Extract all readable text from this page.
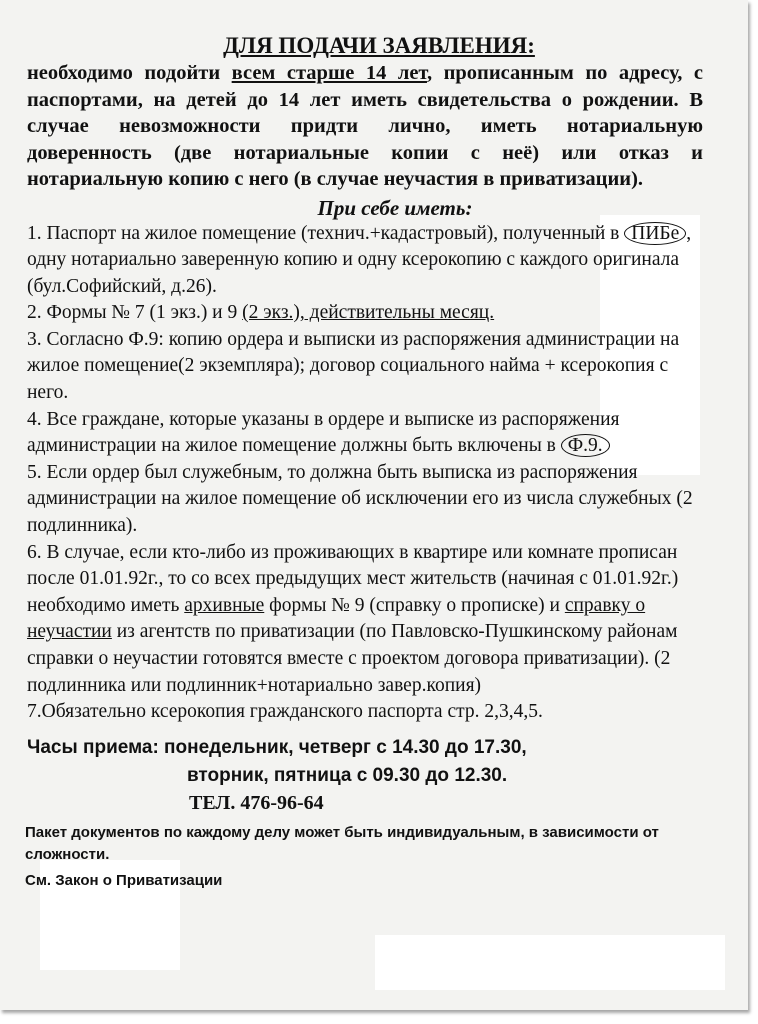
ДЛЯ ПОДАЧИ ЗАЯВЛЕНИЯ:

необходимо подойти всем старше 14 лет, прописанным по адресу, с паспортами, на детей до 14 лет иметь свидетельства о рождении. В случае невозможности придти лично, иметь нотариальную доверенность (две нотариальные копии с неё) или отказ и нотариальную копию с него (в случае неучастия в приватизации).

При себе иметь:

1. Паспорт на жилое помещение (технич.+кадастровый), полученный в ПИБе , одну нотариально заверенную копию и одну ксерокопию с каждого оригинала (бул.Софийский, д.26).

2. Формы № 7 (1 экз.) и 9 (2 экз.), действительны месяц.

3. Согласно Ф.9: копию ордера и выписки из распоряжения администрации на жилое помещение(2 экземпляра); договор социального найма + ксерокопия с него.

4. Все граждане, которые указаны в ордере и выписке из распоряжения администрации на жилое помещение должны быть включены в Ф.9.

5. Если ордер был служебным, то должна быть выписка из распоряжения администрации на жилое помещение об исключении его из числа служебных (2 подлинника).

6. В случае, если кто-либо из проживающих в квартире или комнате прописан после 01.01.92г., то со всех предыдущих мест жительств (начиная с 01.01.92г.) необходимо иметь архивные формы № 9 (справку о прописке) и справку о неучастии из агентств по приватизации (по Павловско-Пушкинскому районам справки о неучастии готовятся вместе с проектом договора приватизации). (2 подлинника или подлинник+нотариально завер.копия)

7.Обязательно ксерокопия гражданского паспорта стр. 2,3,4,5.

Часы приема: понедельник, четверг с 14.30 до 17.30,

вторник, пятница с 09.30 до 12.30.

ТЕЛ. 476-96-64

Пакет документов по каждому делу может быть индивидуальным, в зависимости от сложности.

См. Закон о Приватизации
